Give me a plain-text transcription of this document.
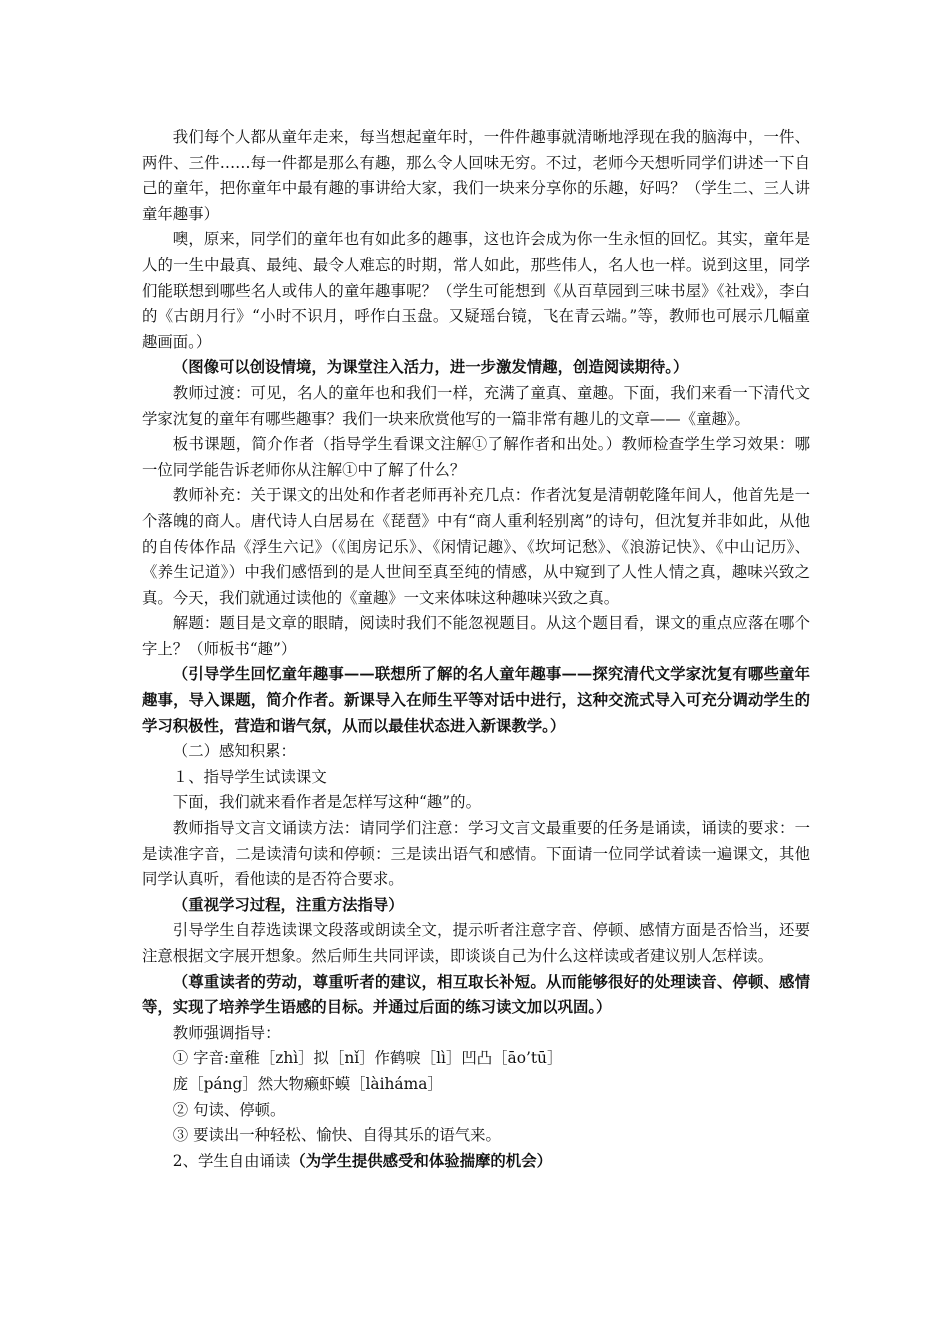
我们每个人都从童年走来，每当想起童年时，一件件趣事就清晰地浮现在我的脑海中，一件、两件、三件……每一件都是那么有趣，那么令人回味无穷。不过，老师今天想听同学们讲述一下自己的童年，把你童年中最有趣的事讲给大家，我们一块来分享你的乐趣，好吗？（学生二、三人讲童年趣事）

噢，原来，同学们的童年也有如此多的趣事，这也许会成为你一生永恒的回忆。其实，童年是人的一生中最真、最纯、最令人难忘的时期，常人如此，那些伟人，名人也一样。说到这里，同学们能联想到哪些名人或伟人的童年趣事呢？（学生可能想到《从百草园到三味书屋》《社戏》，李白的《古朗月行》“小时不识月，呼作白玉盘。又疑瑶台镜，飞在青云端。”等，教师也可展示几幅童趣画面。）

（图像可以创设情境，为课堂注入活力，进一步激发情趣，创造阅读期待。）

教师过渡：可见，名人的童年也和我们一样，充满了童真、童趣。下面，我们来看一下清代文学家沈复的童年有哪些趣事？我们一块来欣赏他写的一篇非常有趣儿的文章——《童趣》。

板书课题，简介作者（指导学生看课文注解①了解作者和出处。）教师检查学生学习效果：哪一位同学能告诉老师你从注解①中了解了什么？

教师补充：关于课文的出处和作者老师再补充几点：作者沈复是清朝乾隆年间人，他首先是一个落魄的商人。唐代诗人白居易在《琵琶》中有“商人重利轻别离”的诗句，但沈复并非如此，从他的自传体作品《浮生六记》（《闺房记乐》、《闲情记趣》、《坎坷记愁》、《浪游记快》、《中山记历》、《养生记道》）中我们感悟到的是人世间至真至纯的情感，从中窥到了人性人情之真，趣味兴致之真。今天，我们就通过读他的《童趣》一文来体味这种趣味兴致之真。

解题：题目是文章的眼睛，阅读时我们不能忽视题目。从这个题目看，课文的重点应落在哪个字上？（师板书“趣”）

（引导学生回忆童年趣事——联想所了解的名人童年趣事——探究清代文学家沈复有哪些童年趣事，导入课题，简介作者。新课导入在师生平等对话中进行，这种交流式导入可充分调动学生的学习积极性，营造和谐气氛，从而以最佳状态进入新课教学。）

（二）感知积累：

１、指导学生试读课文

下面，我们就来看作者是怎样写这种“趣”的。

教师指导文言文诵读方法：请同学们注意：学习文言文最重要的任务是诵读，诵读的要求：一是读准字音，二是读清句读和停顿：三是读出语气和感情。下面请一位同学试着读一遍课文，其他同学认真听，看他读的是否符合要求。

（重视学习过程，注重方法指导）

引导学生自荐选读课文段落或朗读全文，提示听者注意字音、停顿、感情方面是否恰当，还要注意根据文字展开想象。然后师生共同评读，即谈谈自己为什么这样读或者建议别人怎样读。

（尊重读者的劳动，尊重听者的建议，相互取长补短。从而能够很好的处理读音、停顿、感情等，实现了培养学生语感的目标。并通过后面的练习读文加以巩固。）

教师强调指导：

① 字音:童稚［zhì］拟［nǐ］作鹤唳［lì］凹凸［āo’tū］

庞［páng］然大物癞虾蟆［làiháma］

② 句读、停顿。

③ 要读出一种轻松、愉快、自得其乐的语气来。

2、学生自由诵读（为学生提供感受和体验揣摩的机会）
